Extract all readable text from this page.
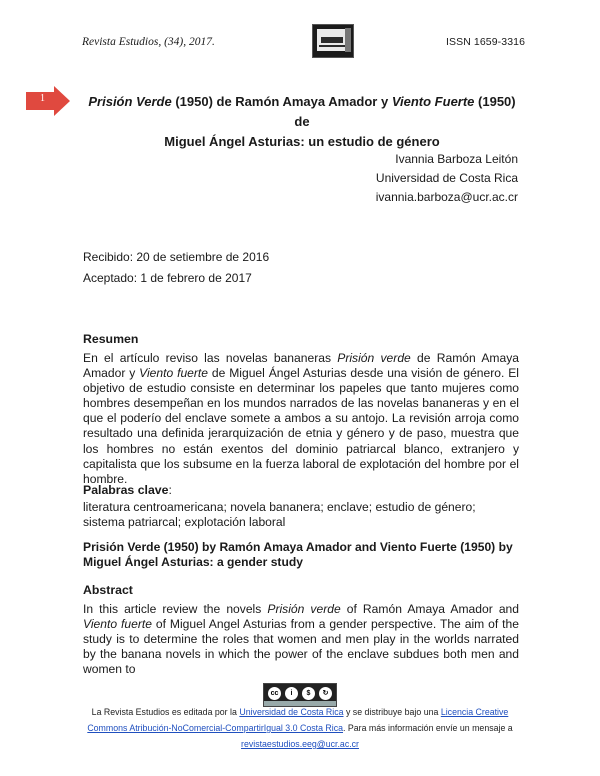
Revista Estudios, (34), 2017.	ISSN 1659-3316
1	Prisión Verde (1950) de Ramón Amaya Amador y Viento Fuerte (1950) de
Miguel Ángel Asturias: un estudio de género
Ivannia Barboza Leitón
Universidad de Costa Rica
ivannia.barboza@ucr.ac.cr
Recibido: 20 de setiembre de 2016
Aceptado: 1 de febrero de 2017
Resumen
En el artículo reviso las novelas bananeras Prisión verde de Ramón Amaya Amador y Viento fuerte de Miguel Ángel Asturias desde una visión de género. El objetivo de estudio consiste en determinar los papeles que tanto mujeres como hombres desempeñan en los mundos narrados de las novelas bananeras y en el que el poderío del enclave somete a ambos a su antojo. La revisión arroja como resultado una definida jerarquización de etnia y género y de paso, muestra que los hombres no están exentos del dominio patriarcal blanco, extranjero y capitalista que los subsume en la fuerza laboral de explotación del hombre por el hombre.
Palabras clave:
literatura centroamericana; novela bananera; enclave; estudio de género; sistema patriarcal; explotación laboral
Prisión Verde (1950) by Ramón Amaya Amador and Viento Fuerte (1950) by
Miguel Ángel Asturias: a gender study
Abstract
In this article review the novels Prisión verde of Ramón Amaya Amador and Viento fuerte of Miguel Angel Asturias from a gender perspective. The aim of the study is to determine the roles that women and men play in the worlds narrated by the banana novels in which the power of the enclave subdues both men and women to
cc	i	$	↻
La Revista Estudios es editada por la Universidad de Costa Rica y se distribuye bajo una Licencia Creative
Commons Atribución-NoComercial-CompartirIgual 3.0 Costa Rica. Para más información envíe un mensaje a
revistaestudios.eeg@ucr.ac.cr
